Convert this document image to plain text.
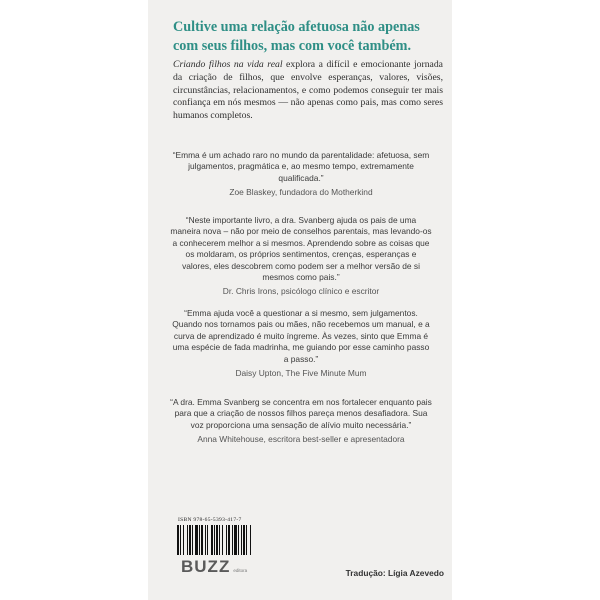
Cultive uma relação afetuosa não apenas com seus filhos, mas com você também.

Criando filhos na vida real explora a difícil e emocionante jornada da criação de filhos, que envolve esperanças, valores, visões, circunstâncias, relacionamentos, e como podemos conseguir ter mais confiança em nós mesmos — não apenas como pais, mas como seres humanos completos.

“Emma é um achado raro no mundo da parentalidade: afetuosa, sem julgamentos, pragmática e, ao mesmo tempo, extremamente qualificada.”
Zoe Blaskey, fundadora do Motherkind
“Neste importante livro, a dra. Svanberg ajuda os pais de uma maneira nova – não por meio de conselhos parentais, mas levando-os a conhecerem melhor a si mesmos. Aprendendo sobre as coisas que os moldaram, os próprios sentimentos, crenças, esperanças e valores, eles descobrem como podem ser a melhor versão de si mesmos como pais.”
Dr. Chris Irons, psicólogo clínico e escritor
“Emma ajuda você a questionar a si mesmo, sem julgamentos. Quando nos tornamos pais ou mães, não recebemos um manual, e a curva de aprendizado é muito íngreme. Às vezes, sinto que Emma é uma espécie de fada madrinha, me guiando por esse caminho passo a passo.”
Daisy Upton, The Five Minute Mum
“A dra. Emma Svanberg se concentra em nos fortalecer enquanto pais para que a criação de nossos filhos pareça menos desafiadora. Sua voz proporciona uma sensação de alívio muito necessária.”
Anna Whitehouse, escritora best-seller e apresentadora
ISBN 978-65-5393-417-7
BUZZ editora	Tradução: Lígia Azevedo
